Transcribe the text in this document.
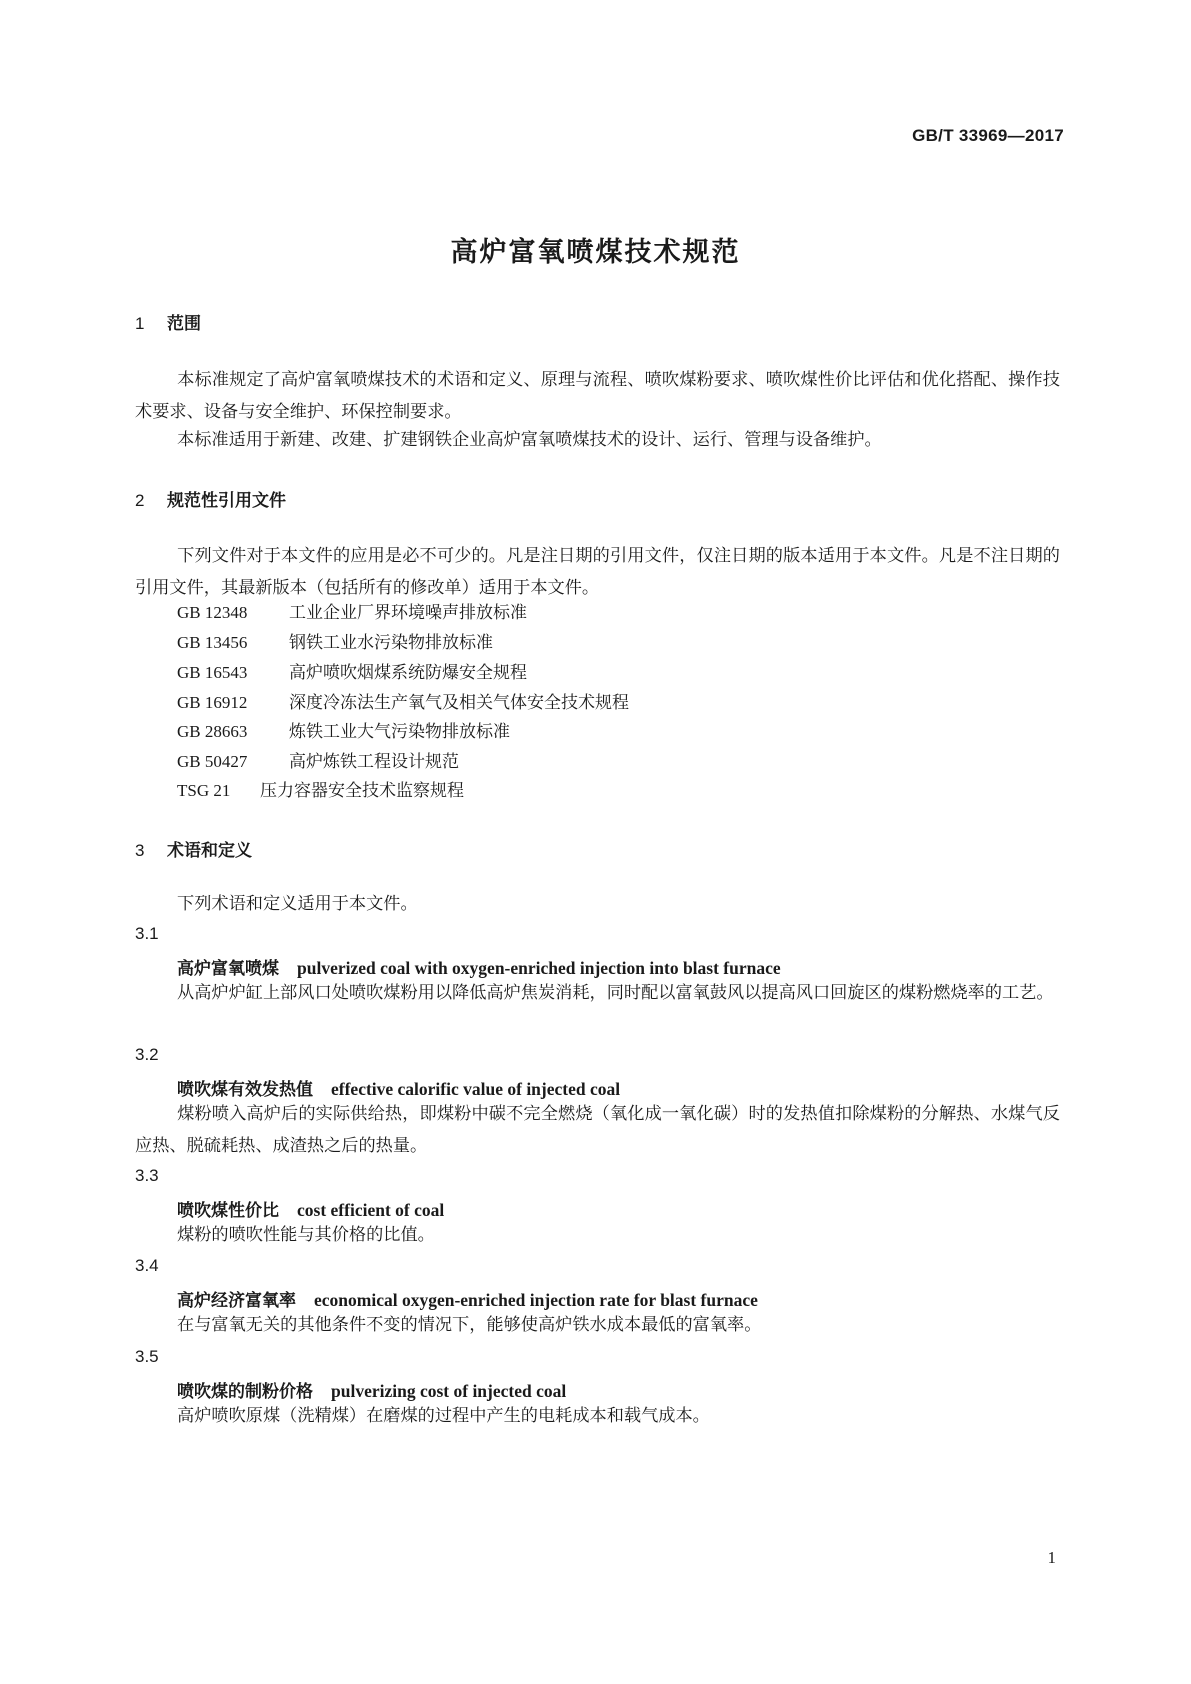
GB/T 33969—2017
高炉富氧喷煤技术规范
1 范围
本标准规定了高炉富氧喷煤技术的术语和定义、原理与流程、喷吹煤粉要求、喷吹煤性价比评估和优化搭配、操作技术要求、设备与安全维护、环保控制要求。
本标准适用于新建、改建、扩建钢铁企业高炉富氧喷煤技术的设计、运行、管理与设备维护。
2 规范性引用文件
下列文件对于本文件的应用是必不可少的。凡是注日期的引用文件，仅注日期的版本适用于本文件。凡是不注日期的引用文件，其最新版本（包括所有的修改单）适用于本文件。
GB 12348 工业企业厂界环境噪声排放标准
GB 13456 钢铁工业水污染物排放标准
GB 16543 高炉喷吹烟煤系统防爆安全规程
GB 16912 深度冷冻法生产氧气及相关气体安全技术规程
GB 28663 炼铁工业大气污染物排放标准
GB 50427 高炉炼铁工程设计规范
TSG 21 压力容器安全技术监察规程
3 术语和定义
下列术语和定义适用于本文件。
3.1
高炉富氧喷煤 pulverized coal with oxygen-enriched injection into blast furnace
从高炉炉缸上部风口处喷吹煤粉用以降低高炉焦炭消耗，同时配以富氧鼓风以提高风口回旋区的煤粉燃烧率的工艺。
3.2
喷吹煤有效发热值 effective calorific value of injected coal
煤粉喷入高炉后的实际供给热，即煤粉中碳不完全燃烧（氧化成一氧化碳）时的发热值扣除煤粉的分解热、水煤气反应热、脱硫耗热、成渣热之后的热量。
3.3
喷吹煤性价比 cost efficient of coal
煤粉的喷吹性能与其价格的比值。
3.4
高炉经济富氧率 economical oxygen-enriched injection rate for blast furnace
在与富氧无关的其他条件不变的情况下，能够使高炉铁水成本最低的富氧率。
3.5
喷吹煤的制粉价格 pulverizing cost of injected coal
高炉喷吹原煤（洗精煤）在磨煤的过程中产生的电耗成本和载气成本。
1
